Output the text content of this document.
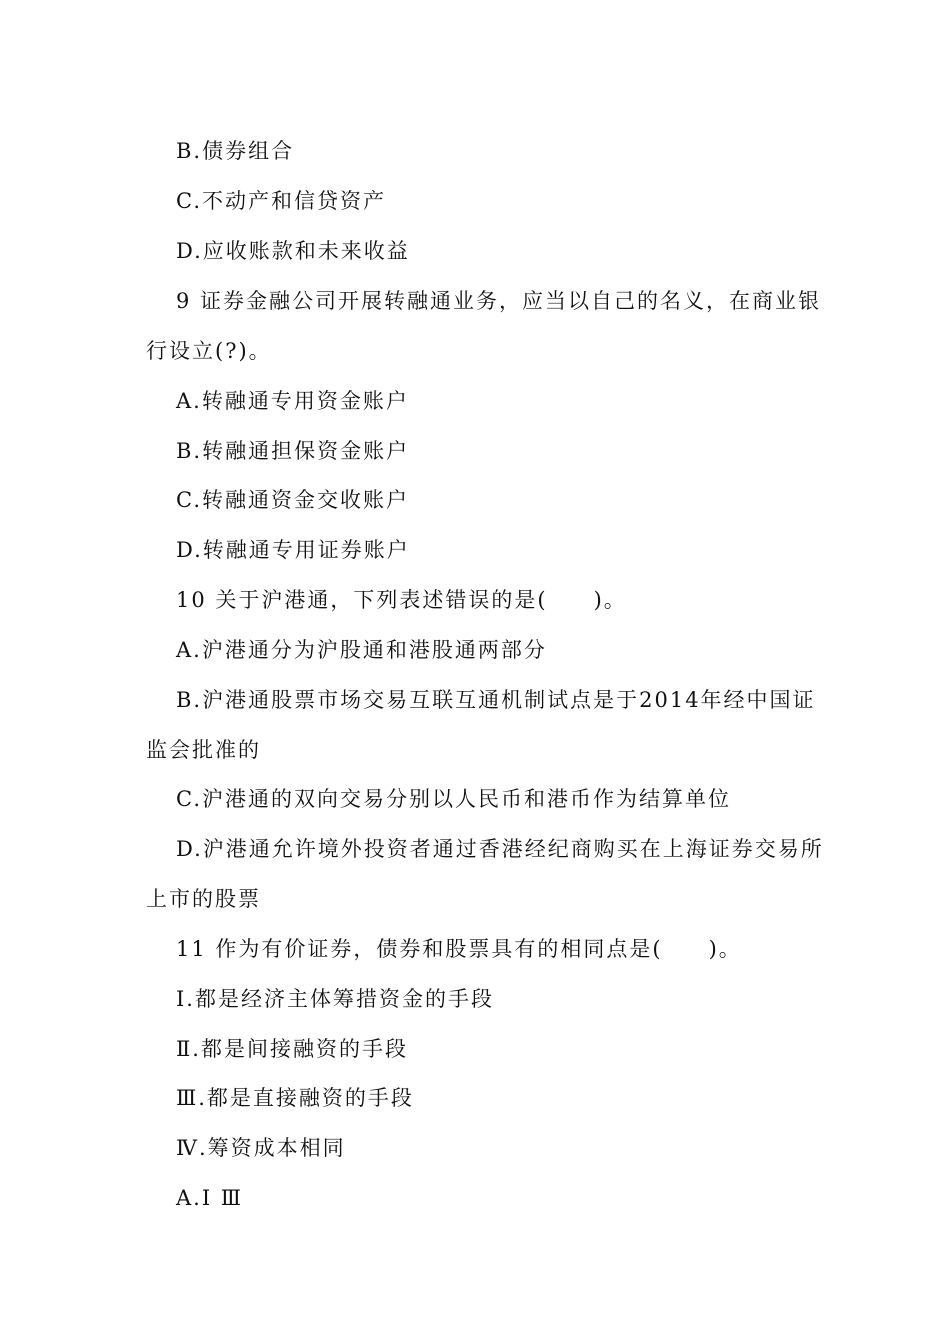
B.债券组合
C.不动产和信贷资产
D.应收账款和未来收益
9 证券金融公司开展转融通业务，应当以自己的名义，在商业银
行设立(?)。
A.转融通专用资金账户
B.转融通担保资金账户
C.转融通资金交收账户
D.转融通专用证券账户
10 关于沪港通，下列表述错误的是(　　)。
A.沪港通分为沪股通和港股通两部分
B.沪港通股票市场交易互联互通机制试点是于2014年经中国证
监会批准的
C.沪港通的双向交易分别以人民币和港币作为结算单位
D.沪港通允许境外投资者通过香港经纪商购买在上海证券交易所
上市的股票
11 作为有价证券，债券和股票具有的相同点是(　　)。
Ⅰ.都是经济主体筹措资金的手段
Ⅱ.都是间接融资的手段
Ⅲ.都是直接融资的手段
Ⅳ.筹资成本相同
A.Ⅰ Ⅲ
